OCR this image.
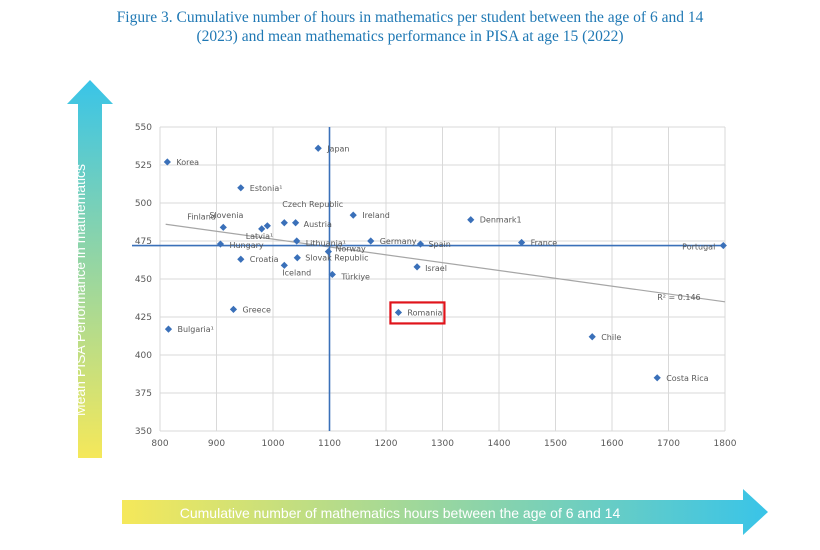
Figure 3. Cumulative number of hours in mathematics per student between the age of 6 and 14
(2023) and mean mathematics performance in PISA at age 15 (2022)
Mean PISA Performance in mathematics
Cumulative number of mathematics hours between the age of 6 and 14
350
375
400
425
450
475
500
525
550
800	900	1000	1100	1200	1300	1400	1500	1600	1700	1800
R² = 0.146
Korea
Japan
Estonia¹
Finland
Slovenia
Latvia¹
Czech Republic
Austria
Ireland
Denmark1
Hungary	Lithuania¹	Germany Spain	France	Portugal
Norway
Croatia	Slovak Republic
Iceland	Türkiye
Israel
Greece	Romania
Bulgaria¹
Chile
Costa Rica
